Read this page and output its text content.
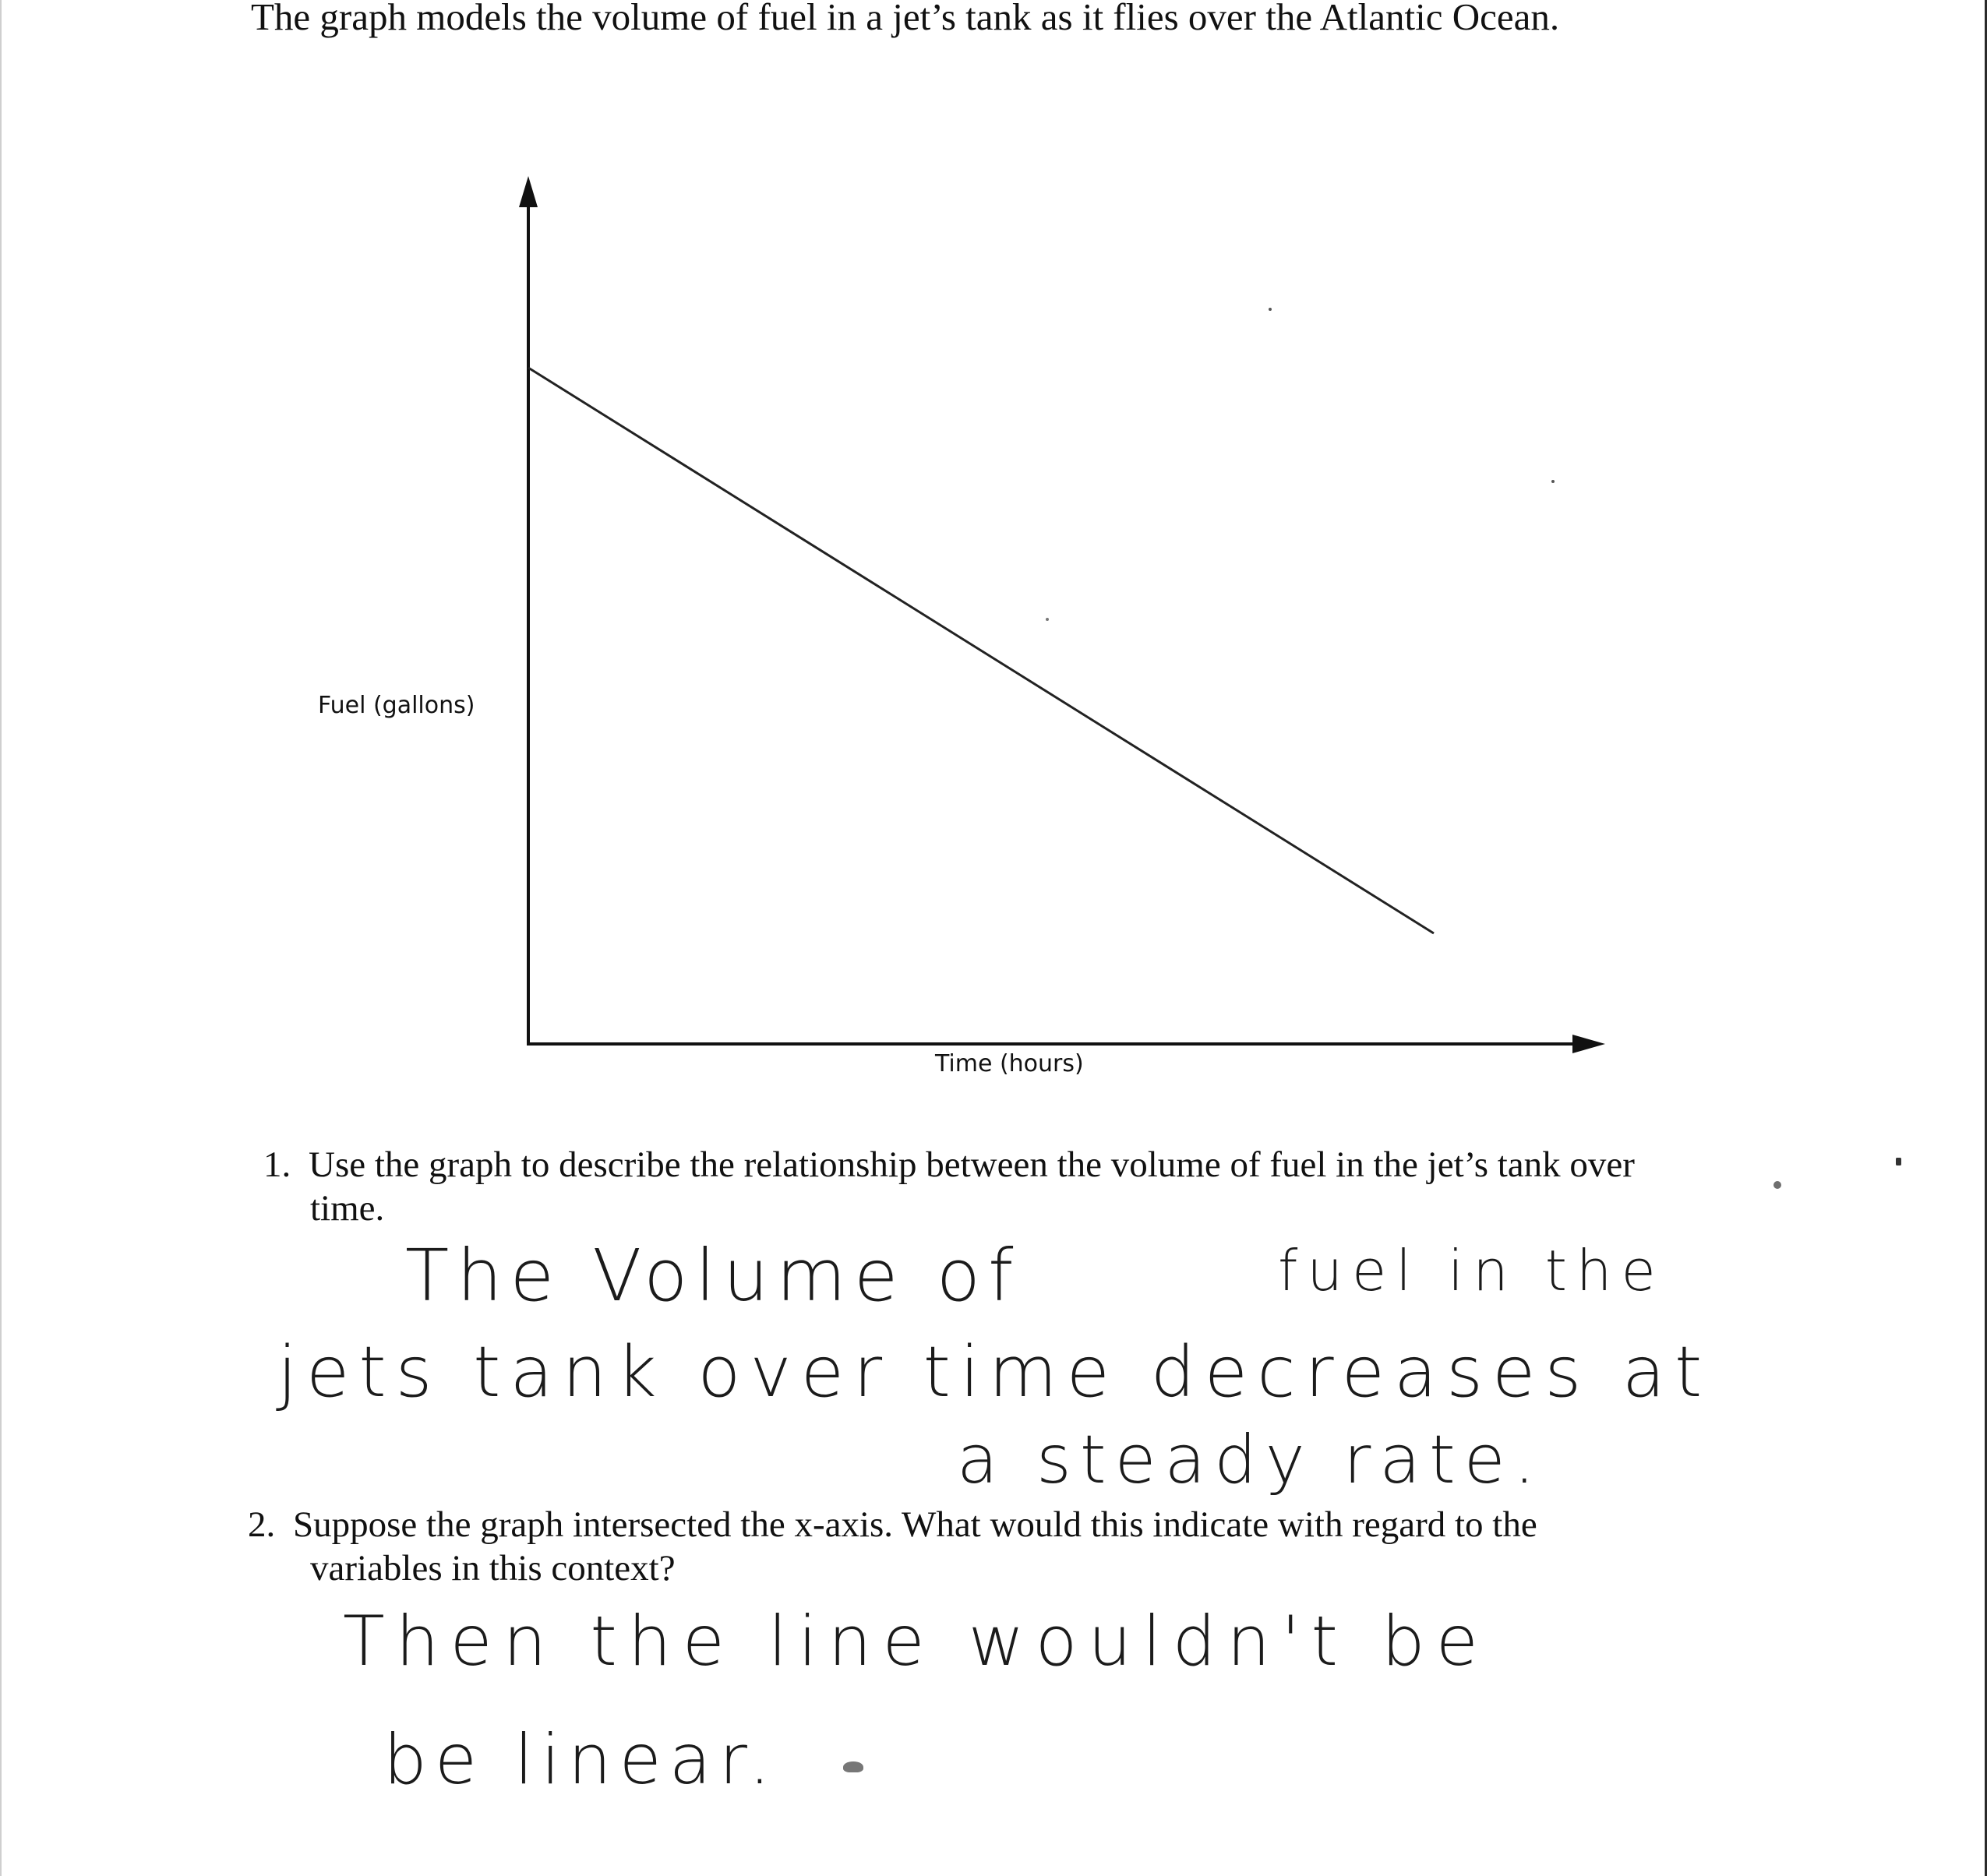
The graph models the volume of fuel in a jet’s tank as it flies over the Atlantic Ocean.
Fuel (gallons)
Time (hours)
1. Use the graph to describe the relationship between the volume of fuel in the jet’s tank over
time.
The Volume of	fuel in the
jets tank over time decreases at
a steady rate.
2. Suppose the graph intersected the x-axis. What would this indicate with regard to the
variables in this context?
Then the line wouldn't be
be linear.
